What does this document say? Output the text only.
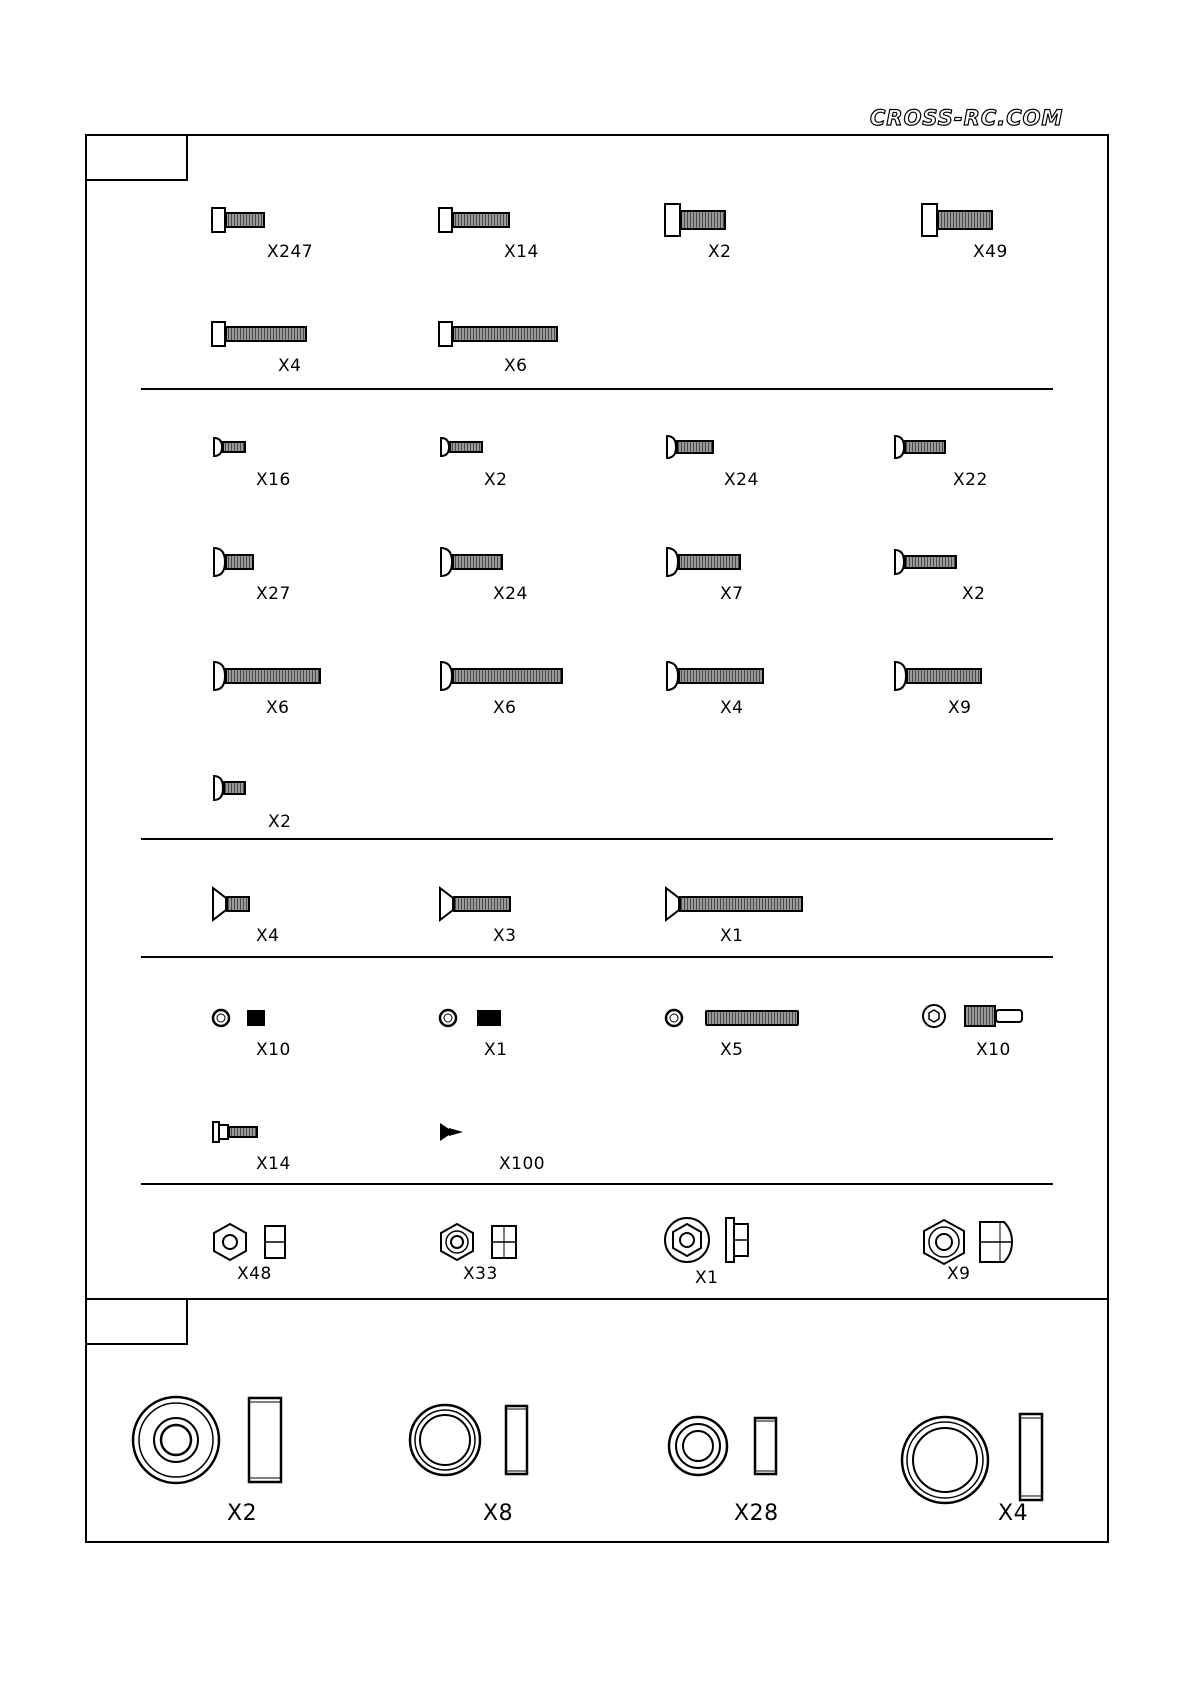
CROSS-RC.COM
X247	X14	X2	X49
X4	X6
X16	X2	X24	X22
X27	X24	X7	X2
X6	X6	X4	X9
X2
X4	X3	X1
X10	X1	X5	X10
X14	X100
X48	X33	X1	X9
X2	X8	X28	X4
